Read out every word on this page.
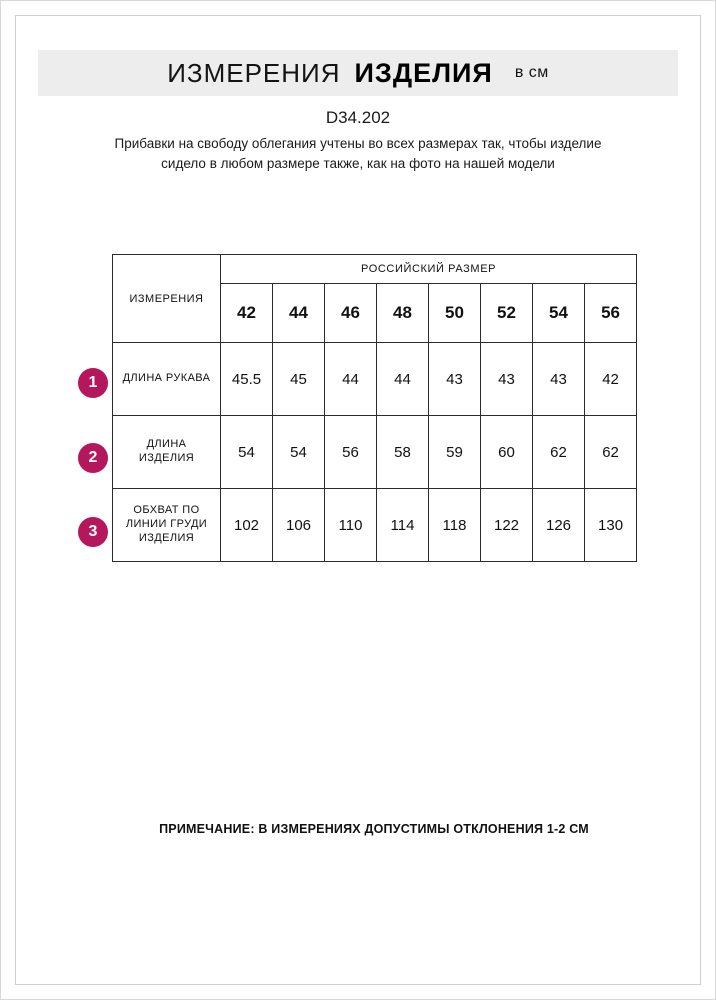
ИЗМЕРЕНИЯ ИЗДЕЛИЯ	в см
D34.202
Прибавки на свободу облегания учтены во всех размерах так, чтобы изделие сидело в любом размере также, как на фото на нашей модели
1
2
3
ИЗМЕРЕНИЯ	РОССИЙСКИЙ РАЗМЕР							
	42	44	46	48	50	52	54	56
ДЛИНА РУКАВА	45.5	45	44	44	43	43	43	42
ДЛИНА ИЗДЕЛИЯ	54	54	56	58	59	60	62	62
ОБХВАТ ПО ЛИНИИ ГРУДИ ИЗДЕЛИЯ	102	106	110	114	118	122	126	130
ПРИМЕЧАНИЕ: В ИЗМЕРЕНИЯХ ДОПУСТИМЫ ОТКЛОНЕНИЯ 1-2 СМ
